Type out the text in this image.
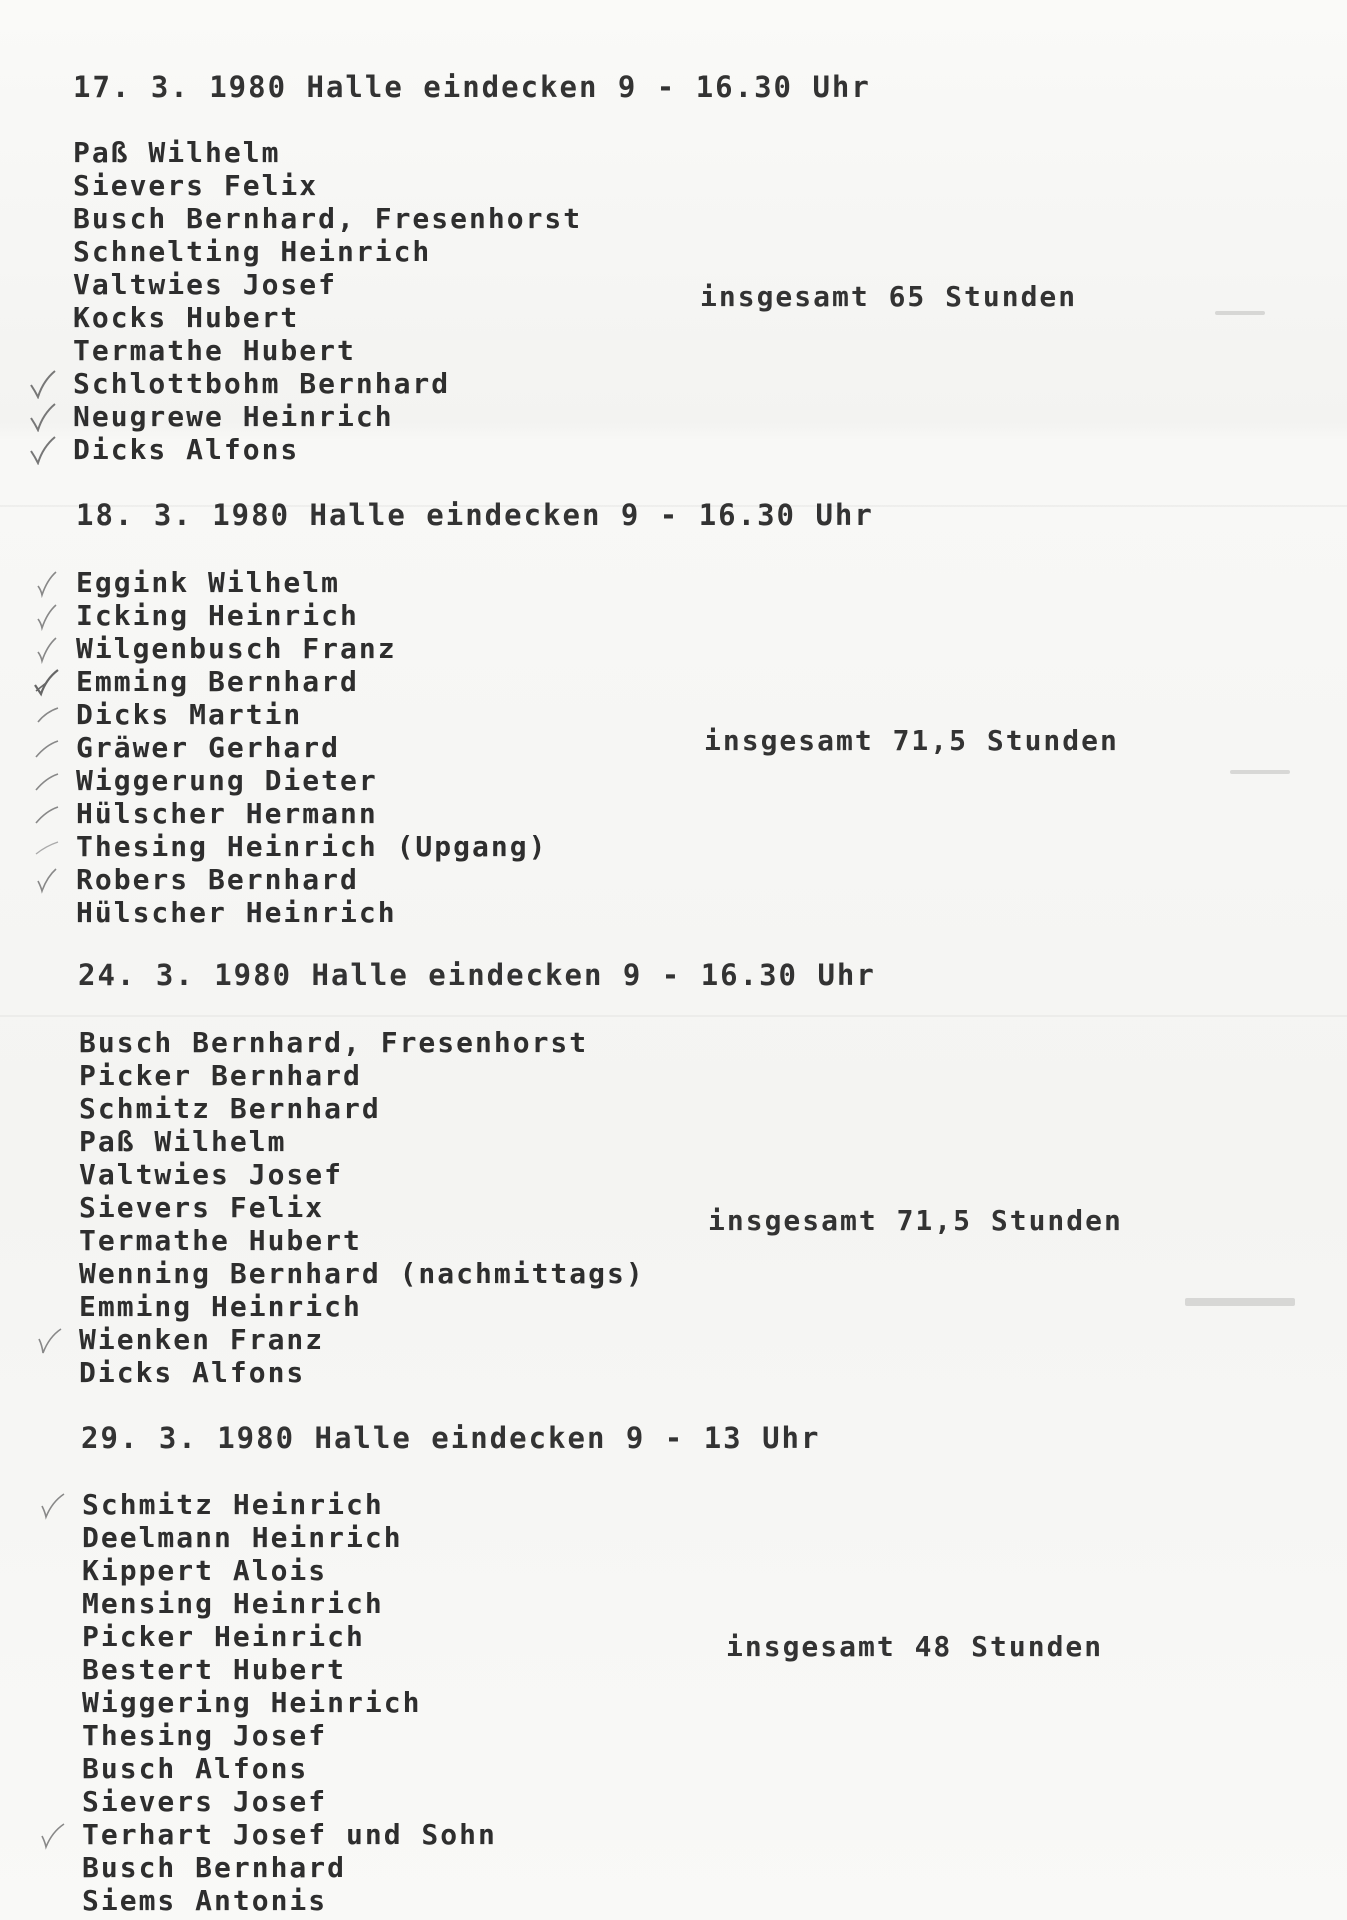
17. 3. 1980 Halle eindecken 9 - 16.30 Uhr
Paß Wilhelm
Sievers Felix
Busch Bernhard, Fresenhorst
Schnelting Heinrich
Valtwies Josef
Kocks Hubert
Termathe Hubert
Schlottbohm Bernhard
Neugrewe Heinrich
Dicks Alfons
insgesamt 65 Stunden
18. 3. 1980 Halle eindecken 9 - 16.30 Uhr
Eggink Wilhelm
Icking Heinrich
Wilgenbusch Franz
Emming Bernhard
Dicks Martin
Gräwer Gerhard
Wiggerung Dieter
Hülscher Hermann
Thesing Heinrich (Upgang)
Robers Bernhard
Hülscher Heinrich
insgesamt 71,5 Stunden
24. 3. 1980 Halle eindecken 9 - 16.30 Uhr
Busch Bernhard, Fresenhorst
Picker Bernhard
Schmitz Bernhard
Paß Wilhelm
Valtwies Josef
Sievers Felix
Termathe Hubert
Wenning Bernhard (nachmittags)
Emming Heinrich
Wienken Franz
Dicks Alfons
insgesamt 71,5 Stunden
29. 3. 1980 Halle eindecken 9 - 13 Uhr
Schmitz Heinrich
Deelmann Heinrich
Kippert Alois
Mensing Heinrich
Picker Heinrich
Bestert Hubert
Wiggering Heinrich
Thesing Josef
Busch Alfons
Sievers Josef
Terhart Josef und Sohn
Busch Bernhard
Siems Antonis
insgesamt 48 Stunden
